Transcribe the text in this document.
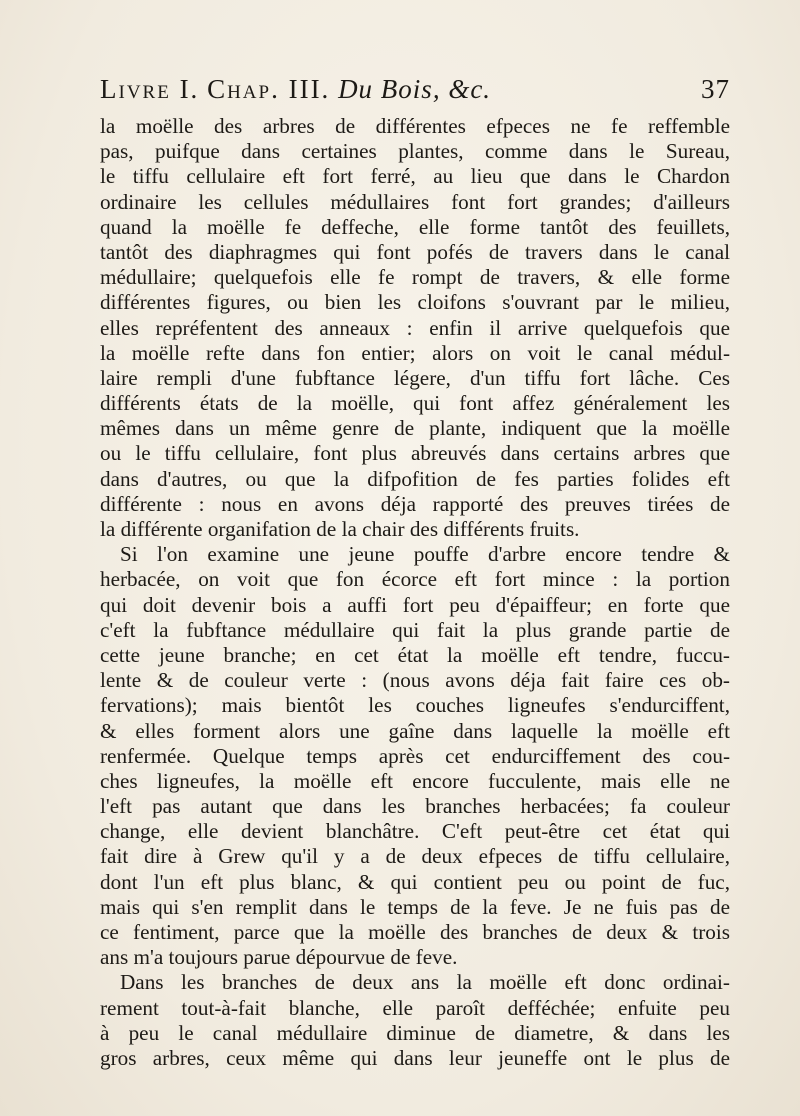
Livre I. Chap. III. Du Bois, &c.	37
la moëlle des arbres de différentes efpeces ne fe reffemble
pas, puifque dans certaines plantes, comme dans le Sureau,
le tiffu cellulaire eft fort ferré, au lieu que dans le Chardon
ordinaire les cellules médullaires font fort grandes; d'ailleurs
quand la moëlle fe deffeche, elle forme tantôt des feuillets,
tantôt des diaphragmes qui font pofés de travers dans le canal
médullaire; quelquefois elle fe rompt de travers, & elle forme
différentes figures, ou bien les cloifons s'ouvrant par le milieu,
elles repréfentent des anneaux : enfin il arrive quelquefois que
la moëlle refte dans fon entier; alors on voit le canal médul-
laire rempli d'une fubftance légere, d'un tiffu fort lâche. Ces
différents états de la moëlle, qui font affez généralement les
mêmes dans un même genre de plante, indiquent que la moëlle
ou le tiffu cellulaire, font plus abreuvés dans certains arbres que
dans d'autres, ou que la difpofition de fes parties folides eft
différente : nous en avons déja rapporté des preuves tirées de
la différente organifation de la chair des différents fruits.
Si l'on examine une jeune pouffe d'arbre encore tendre &
herbacée, on voit que fon écorce eft fort mince : la portion
qui doit devenir bois a auffi fort peu d'épaiffeur; en forte que
c'eft la fubftance médullaire qui fait la plus grande partie de
cette jeune branche; en cet état la moëlle eft tendre, fuccu-
lente & de couleur verte : (nous avons déja fait faire ces ob-
fervations); mais bientôt les couches ligneufes s'endurciffent,
& elles forment alors une gaîne dans laquelle la moëlle eft
renfermée. Quelque temps après cet endurciffement des cou-
ches ligneufes, la moëlle eft encore fucculente, mais elle ne
l'eft pas autant que dans les branches herbacées; fa couleur
change, elle devient blanchâtre. C'eft peut-être cet état qui
fait dire à Grew qu'il y a de deux efpeces de tiffu cellulaire,
dont l'un eft plus blanc, & qui contient peu ou point de fuc,
mais qui s'en remplit dans le temps de la feve. Je ne fuis pas de
ce fentiment, parce que la moëlle des branches de deux & trois
ans m'a toujours parue dépourvue de feve.
Dans les branches de deux ans la moëlle eft donc ordinai-
rement tout-à-fait blanche, elle paroît defféchée; enfuite peu
à peu le canal médullaire diminue de diametre, & dans les
gros arbres, ceux même qui dans leur jeuneffe ont le plus de
